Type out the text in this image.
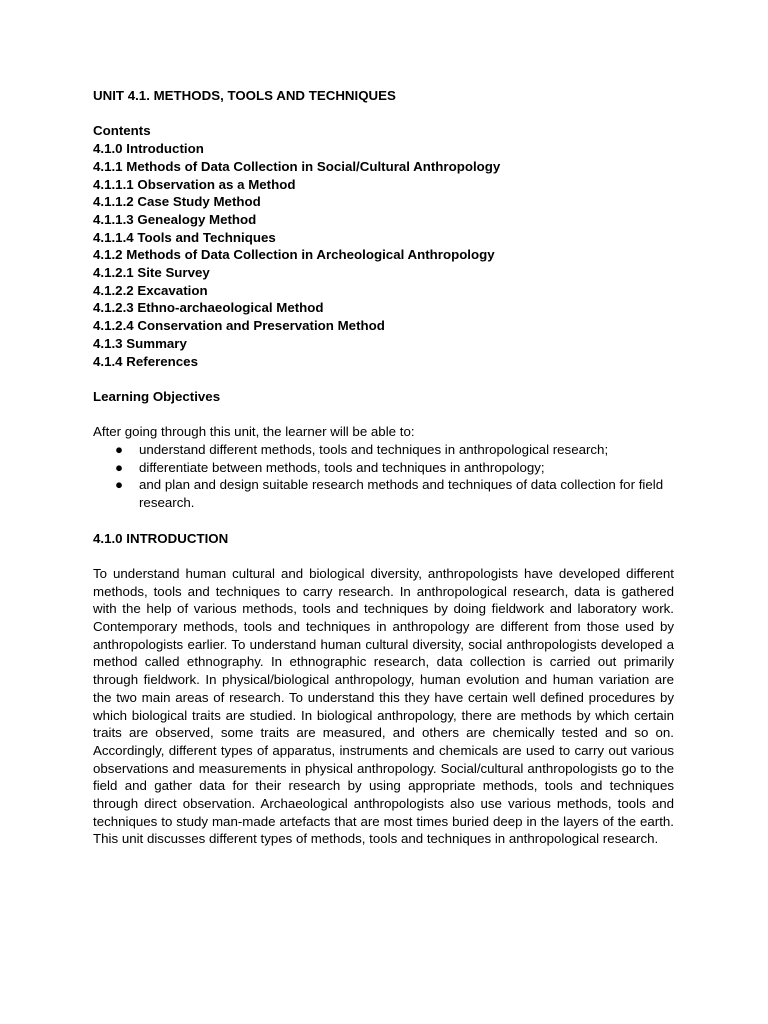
UNIT 4.1. METHODS, TOOLS AND TECHNIQUES
Contents
4.1.0 Introduction
4.1.1 Methods of Data Collection in Social/Cultural Anthropology
4.1.1.1 Observation as a Method
4.1.1.2 Case Study Method
4.1.1.3 Genealogy Method
4.1.1.4 Tools and Techniques
4.1.2 Methods of Data Collection in Archeological Anthropology
4.1.2.1 Site Survey
4.1.2.2 Excavation
4.1.2.3 Ethno-archaeological Method
4.1.2.4 Conservation and Preservation Method
4.1.3 Summary
4.1.4 References
Learning Objectives
After going through this unit, the learner will be able to:
● understand different methods, tools and techniques in anthropological research;
● differentiate between methods, tools and techniques in anthropology;
● and plan and design suitable research methods and techniques of data collection for field research.
4.1.0 INTRODUCTION

To understand human cultural and biological diversity, anthropologists have developed different methods, tools and techniques to carry research. In anthropological research, data is gathered with the help of various methods, tools and techniques by doing fieldwork and laboratory work. Contemporary methods, tools and techniques in anthropology are different from those used by anthropologists earlier. To understand human cultural diversity, social anthropologists developed a method called ethnography. In ethnographic research, data collection is carried out primarily through fieldwork. In physical/biological anthropology, human evolution and human variation are the two main areas of research. To understand this they have certain well defined procedures by which biological traits are studied. In biological anthropology, there are methods by which certain traits are observed, some traits are measured, and others are chemically tested and so on. Accordingly, different types of apparatus, instruments and chemicals are used to carry out various observations and measurements in physical anthropology. Social/cultural anthropologists go to the field and gather data for their research by using appropriate methods, tools and techniques through direct observation. Archaeological anthropologists also use various methods, tools and techniques to study man-made artefacts that are most times buried deep in the layers of the earth. This unit discusses different types of methods, tools and techniques in anthropological research.
